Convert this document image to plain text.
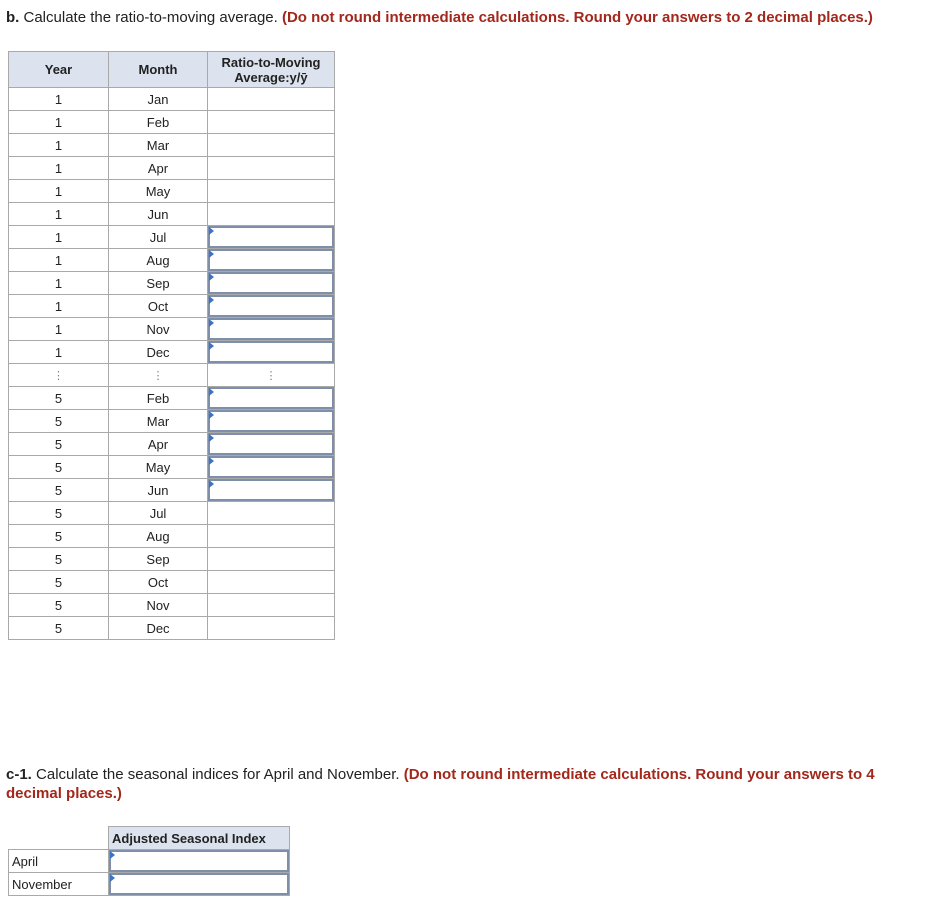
b. Calculate the ratio-to-moving average. (Do not round intermediate calculations. Round your answers to 2 decimal places.)
Year	Month	Ratio-to-Moving Average:y/ȳ
1	Jan	
1	Feb	
1	Mar	
1	Apr	
1	May	
1	Jun	
1	Jul	

1	Aug	

1	Sep	

1	Oct	

1	Nov	

1	Dec	

⋮	⋮	⋮
5	Feb	

5	Mar	

5	Apr	

5	May	

5	Jun	

5	Jul	
5	Aug	
5	Sep	
5	Oct	
5	Nov	
5	Dec	
c-1. Calculate the seasonal indices for April and November. (Do not round intermediate calculations. Round your answers to 4 decimal places.)
	Adjusted Seasonal Index
April	

November	
